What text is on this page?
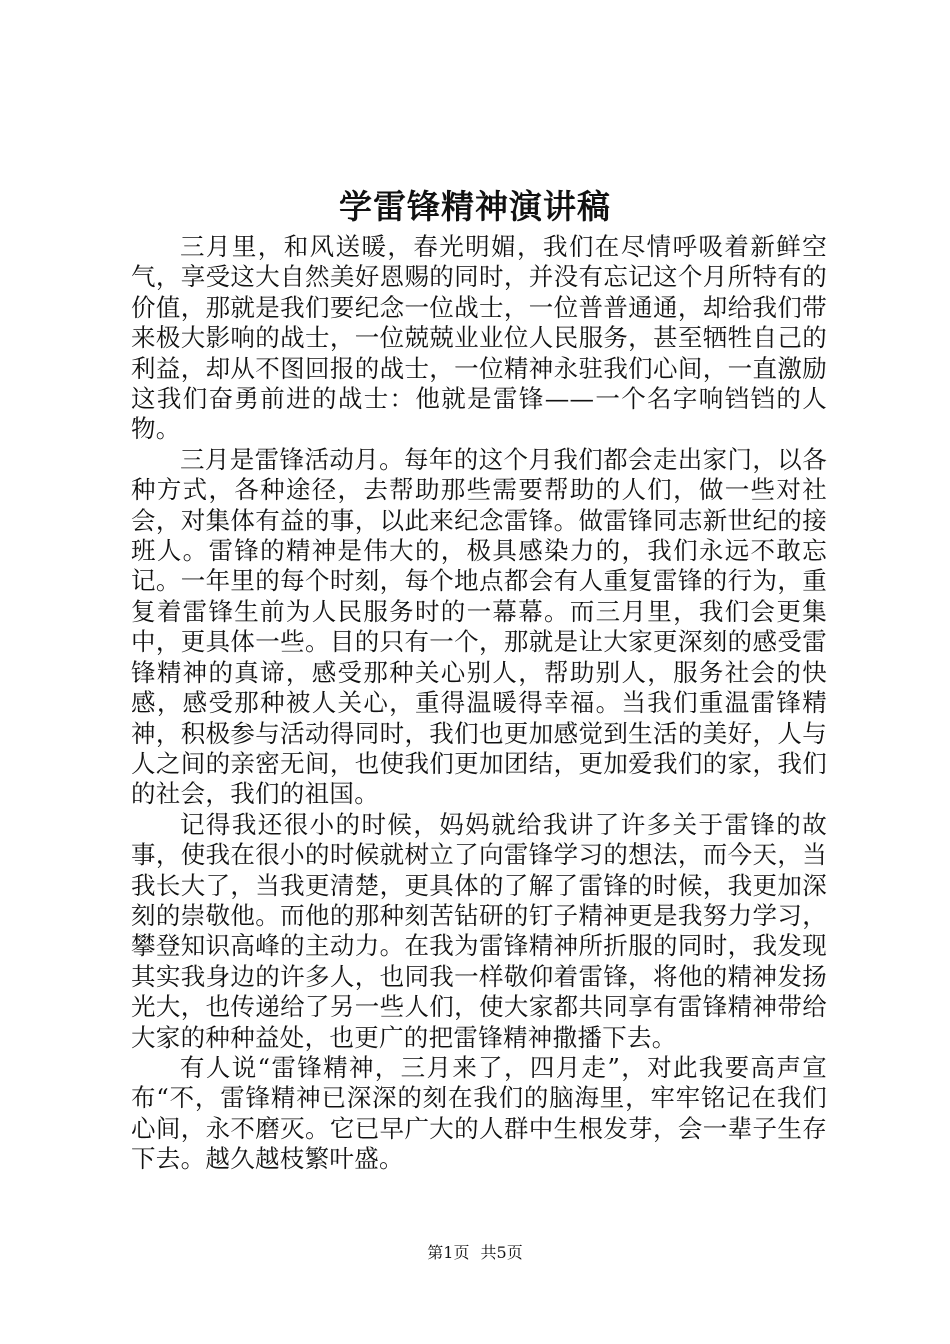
学雷锋精神演讲稿

三月里，和风送暖，春光明媚，我们在尽情呼吸着新鲜空气，享受这大自然美好恩赐的同时，并没有忘记这个月所特有的价值，那就是我们要纪念一位战士，一位普普通通，却给我们带来极大影响的战士，一位兢兢业业位人民服务，甚至牺牲自己的利益，却从不图回报的战士，一位精神永驻我们心间，一直激励这我们奋勇前进的战士：他就是雷锋——一个名字响铛铛的人物。

三月是雷锋活动月。每年的这个月我们都会走出家门，以各种方式，各种途径，去帮助那些需要帮助的人们，做一些对社会，对集体有益的事，以此来纪念雷锋。做雷锋同志新世纪的接班人。雷锋的精神是伟大的，极具感染力的，我们永远不敢忘记。一年里的每个时刻，每个地点都会有人重复雷锋的行为，重复着雷锋生前为人民服务时的一幕幕。而三月里，我们会更集中，更具体一些。目的只有一个，那就是让大家更深刻的感受雷锋精神的真谛，感受那种关心别人，帮助别人，服务社会的快感，感受那种被人关心，重得温暖得幸福。当我们重温雷锋精神，积极参与活动得同时，我们也更加感觉到生活的美好，人与人之间的亲密无间，也使我们更加团结，更加爱我们的家，我们的社会，我们的祖国。

记得我还很小的时候，妈妈就给我讲了许多关于雷锋的故事，使我在很小的时候就树立了向雷锋学习的想法，而今天，当我长大了，当我更清楚，更具体的了解了雷锋的时候，我更加深刻的崇敬他。而他的那种刻苦钻研的钉子精神更是我努力学习，攀登知识高峰的主动力。在我为雷锋精神所折服的同时，我发现其实我身边的许多人，也同我一样敬仰着雷锋，将他的精神发扬光大，也传递给了另一些人们，使大家都共同享有雷锋精神带给大家的种种益处，也更广的把雷锋精神撒播下去。

有人说“雷锋精神，三月来了，四月走”，对此我要高声宣布“不，雷锋精神已深深的刻在我们的脑海里，牢牢铭记在我们心间，永不磨灭。它已早广大的人群中生根发芽，会一辈子生存下去。越久越枝繁叶盛。

第1页 共5页
